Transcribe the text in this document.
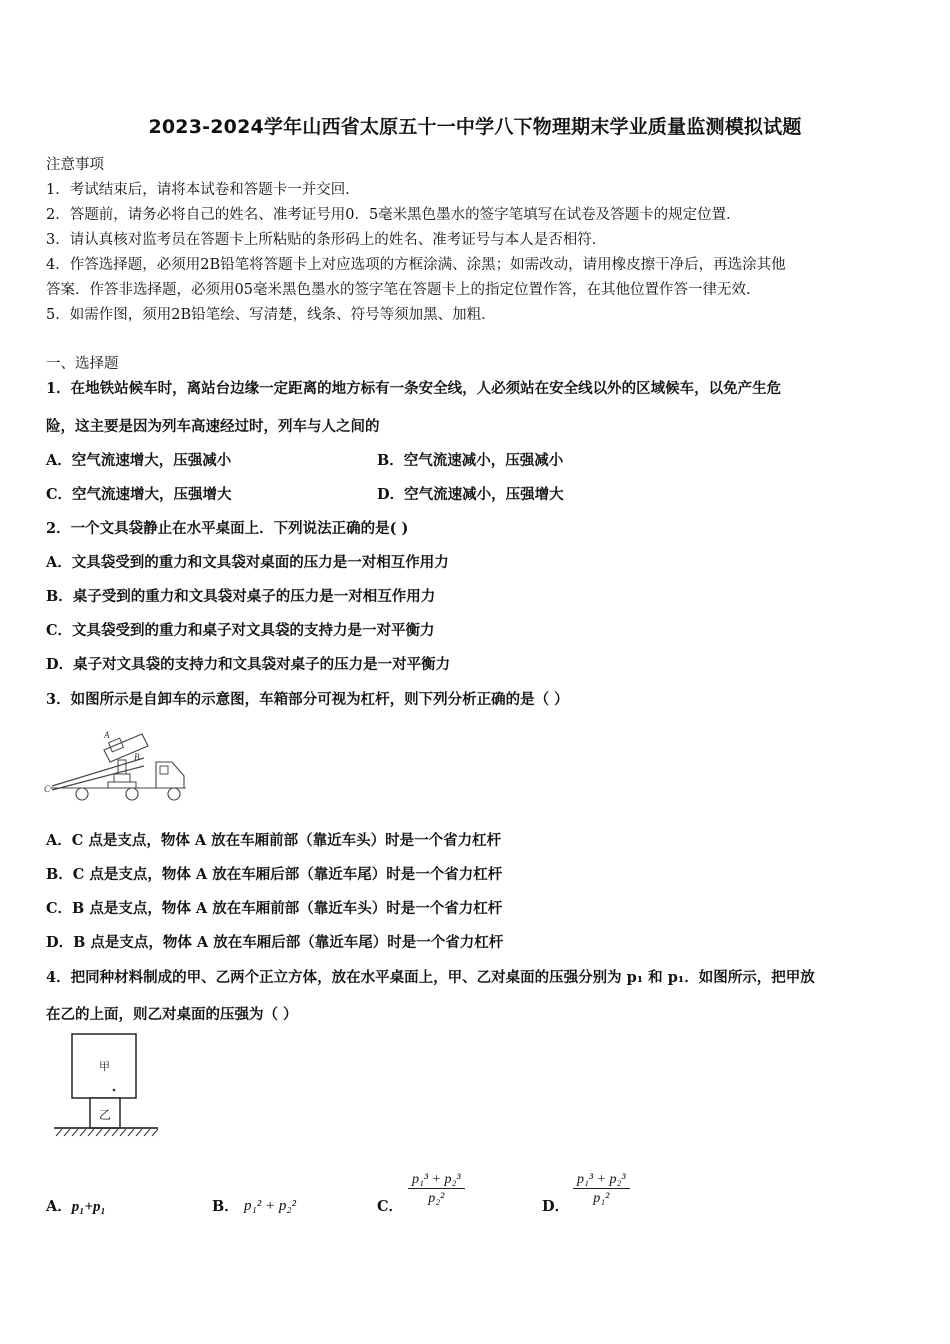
2023-2024学年山西省太原五十一中学八下物理期末学业质量监测模拟试题
注意事项
1．考试结束后，请将本试卷和答题卡一并交回．
2．答题前，请务必将自己的姓名、准考证号用0．5毫米黑色墨水的签字笔填写在试卷及答题卡的规定位置．
3．请认真核对监考员在答题卡上所粘贴的条形码上的姓名、准考证号与本人是否相符．
4．作答选择题，必须用2B铅笔将答题卡上对应选项的方框涂满、涂黑；如需改动，请用橡皮擦干净后，再选涂其他
答案．作答非选择题，必须用05毫米黑色墨水的签字笔在答题卡上的指定位置作答，在其他位置作答一律无效．
5．如需作图，须用2B铅笔绘、写清楚，线条、符号等须加黑、加粗．
一、选择题
1．在地铁站候车时，离站台边缘一定距离的地方标有一条安全线，人必须站在安全线以外的区域候车，以免产生危
险，这主要是因为列车高速经过时，列车与人之间的
A．空气流速增大，压强减小	B．空气流速减小，压强减小
C．空气流速增大，压强增大	D．空气流速减小，压强增大
2．一个文具袋静止在水平桌面上．下列说法正确的是( )
A．文具袋受到的重力和文具袋对桌面的压力是一对相互作用力
B．桌子受到的重力和文具袋对桌子的压力是一对相互作用力
C．文具袋受到的重力和桌子对文具袋的支持力是一对平衡力
D．桌子对文具袋的支持力和文具袋对桌子的压力是一对平衡力
3．如图所示是自卸车的示意图，车箱部分可视为杠杆，则下列分析正确的是（ ）
A
B
C
A．C 点是支点，物体 A 放在车厢前部（靠近车头）时是一个省力杠杆
B．C 点是支点，物体 A 放在车厢后部（靠近车尾）时是一个省力杠杆
C．B 点是支点，物体 A 放在车厢前部（靠近车头）时是一个省力杠杆
D．B 点是支点，物体 A 放在车厢后部（靠近车尾）时是一个省力杠杆
4．把同种材料制成的甲、乙两个正立方体，放在水平桌面上，甲、乙对桌面的压强分别为 p₁ 和 p₁．如图所示，把甲放
在乙的上面，则乙对桌面的压强为（ ）
甲
乙
A．p₁+p₁	B． p₁² + p₂²	C． $\frac{\text{p₁³ + p₂³}}{\text{p₂²}}$	D． $\frac{\text{p₁³ + p₂³}}{\text{p₁²}}$
